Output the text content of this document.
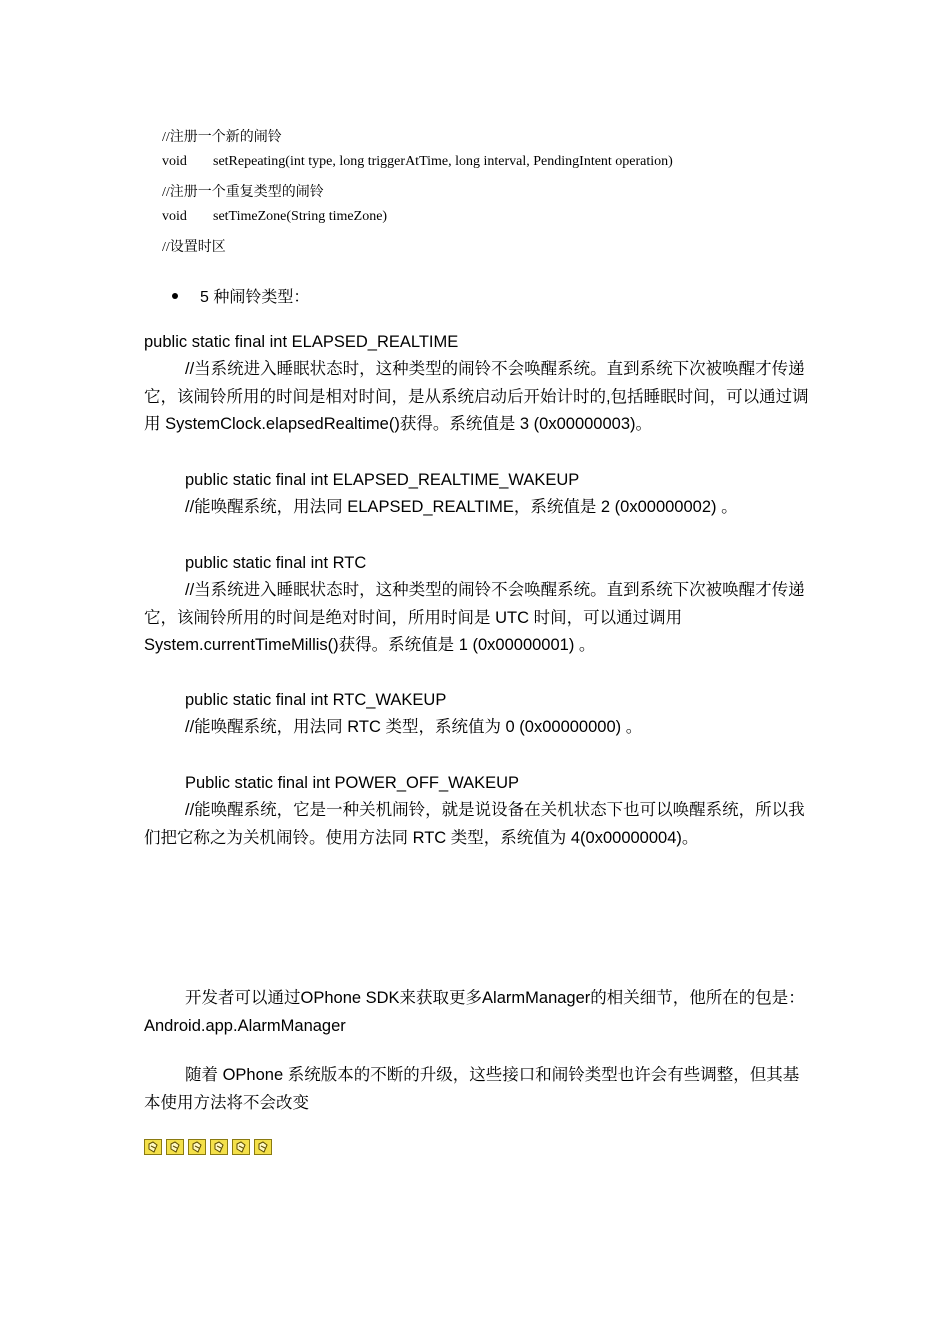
//注册一个新的闹铃
void setRepeating(int type, long triggerAtTime, long interval, PendingIntent operation)
//注册一个重复类型的闹铃
void setTimeZone(String timeZone)
//设置时区
5 种闹铃类型：
public static final int ELAPSED_REALTIME
//当系统进入睡眠状态时，这种类型的闹铃不会唤醒系统。直到系统下次被唤醒才传递它，该闹铃所用的时间是相对时间，是从系统启动后开始计时的,包括睡眠时间，可以通过调用 SystemClock.elapsedRealtime()获得。系统值是 3 (0x00000003)。
public static final int ELAPSED_REALTIME_WAKEUP
//能唤醒系统，用法同 ELAPSED_REALTIME，系统值是 2 (0x00000002) 。
public static final int RTC
//当系统进入睡眠状态时，这种类型的闹铃不会唤醒系统。直到系统下次被唤醒才传递它，该闹铃所用的时间是绝对时间，所用时间是 UTC 时间，可以通过调用 System.currentTimeMillis()获得。系统值是 1 (0x00000001) 。
public static final int RTC_WAKEUP
//能唤醒系统，用法同 RTC 类型，系统值为 0 (0x00000000) 。
Public static final int POWER_OFF_WAKEUP
//能唤醒系统，它是一种关机闹铃，就是说设备在关机状态下也可以唤醒系统，所以我们把它称之为关机闹铃。使用方法同 RTC 类型，系统值为 4(0x00000004)。
开发者可以通过OPhone SDK来获取更多AlarmManager的相关细节，他所在的包是：Android.app.AlarmManager
随着 OPhone 系统版本的不断的升级，这些接口和闹铃类型也许会有些调整，但其基本使用方法将不会改变
